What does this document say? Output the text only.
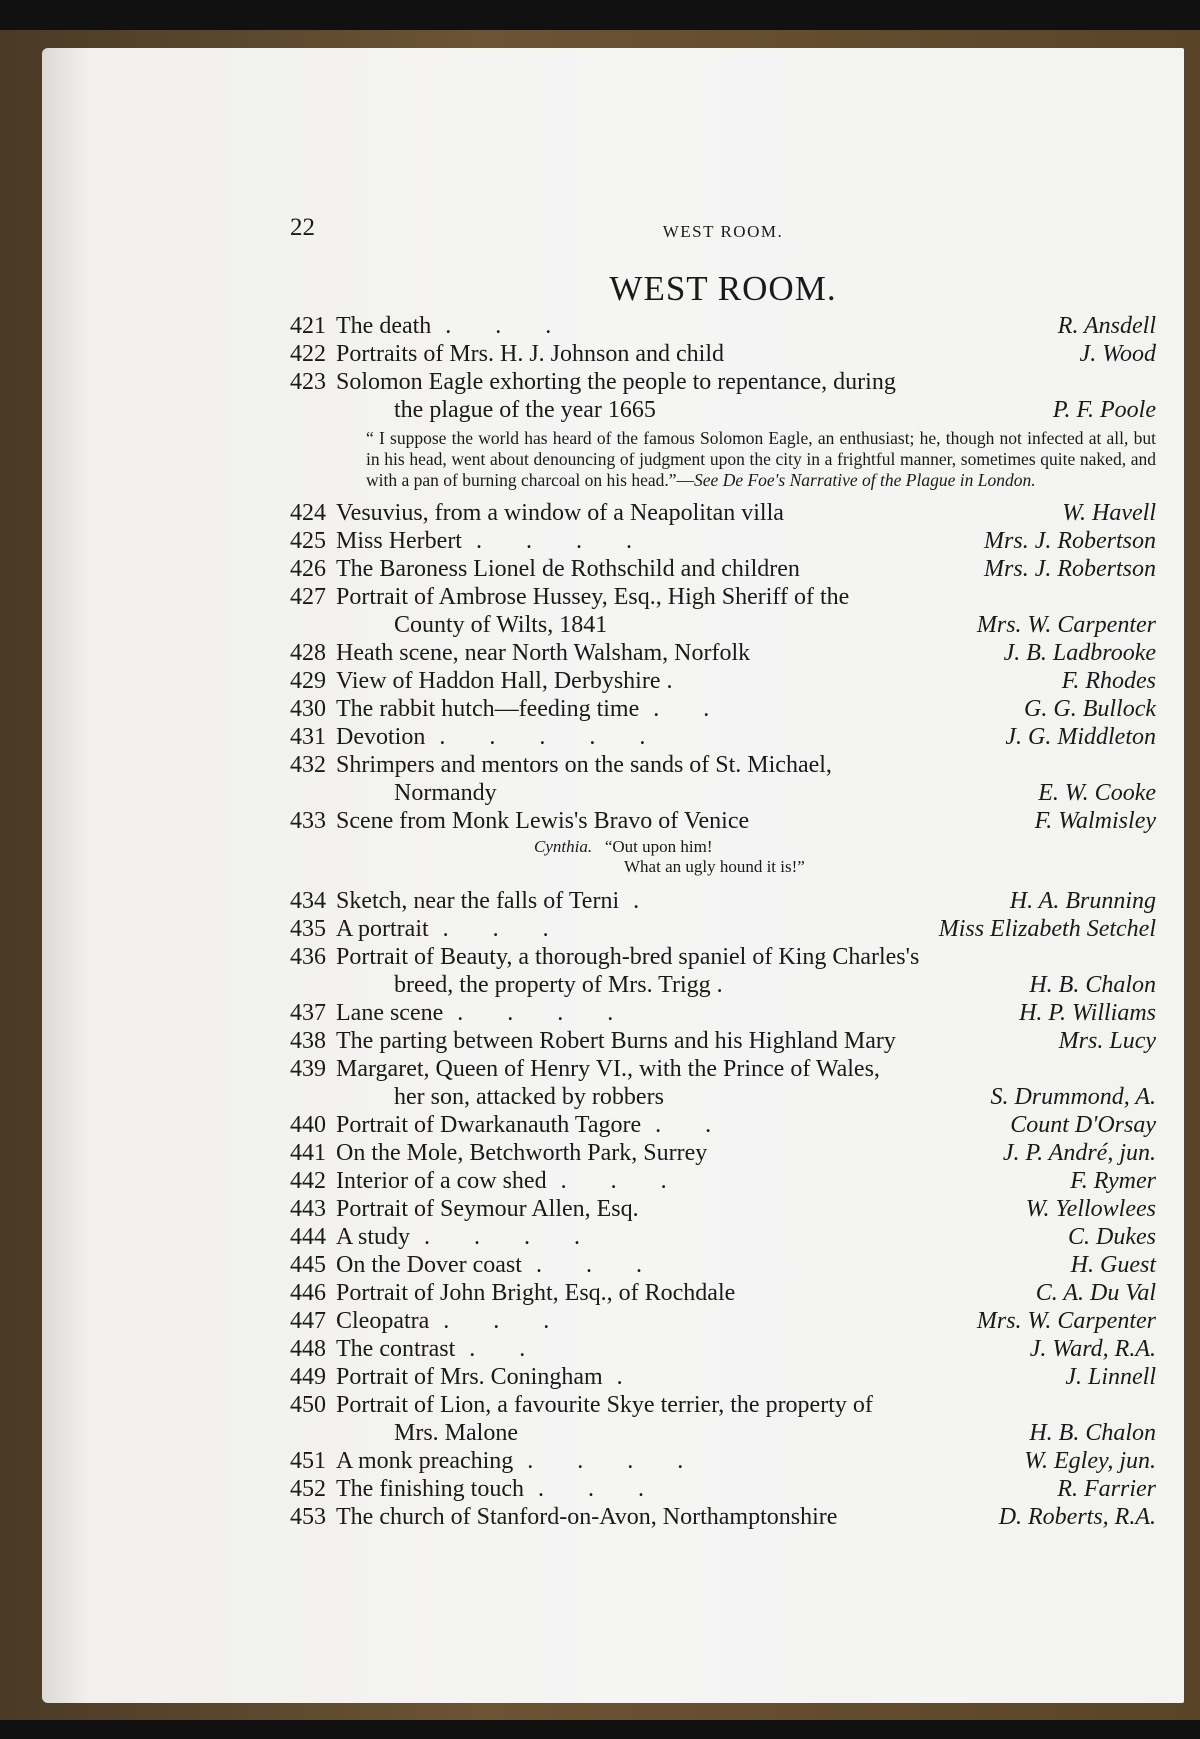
22	WEST ROOM.
WEST ROOM.
421 The death ...	R. Ansdell
422 Portraits of Mrs. H. J. Johnson and child	J. Wood
423 Solomon Eagle exhorting the people to repentance, during
the plague of the year 1665	P. F. Poole
“ I suppose the world has heard of the famous Solomon Eagle, an enthusiast; he, though not infected at all, but in his head, went about denouncing of judgment upon the city in a frightful manner, sometimes quite naked, and with a pan of burning charcoal on his head.”—See De Foe's Narrative of the Plague in London.
424 Vesuvius, from a window of a Neapolitan villa	W. Havell
425 Miss Herbert ....	Mrs. J. Robertson
426 The Baroness Lionel de Rothschild and children	Mrs. J. Robertson
427 Portrait of Ambrose Hussey, Esq., High Sheriff of the
County of Wilts, 1841	Mrs. W. Carpenter
428 Heath scene, near North Walsham, Norfolk	J. B. Ladbrooke
429 View of Haddon Hall, Derbyshire .	F. Rhodes
430 The rabbit hutch—feeding time ..	G. G. Bullock
431 Devotion .....	J. G. Middleton
432 Shrimpers and mentors on the sands of St. Michael,
Normandy	E. W. Cooke
433 Scene from Monk Lewis's Bravo of Venice	F. Walmisley
Cynthia. “Out upon him!
What an ugly hound it is!”
434 Sketch, near the falls of Terni .	H. A. Brunning
435 A portrait ...	Miss Elizabeth Setchel
436 Portrait of Beauty, a thorough-bred spaniel of King Charles's
breed, the property of Mrs. Trigg .	H. B. Chalon
437 Lane scene ....	H. P. Williams
438 The parting between Robert Burns and his Highland Mary	Mrs. Lucy
439 Margaret, Queen of Henry VI., with the Prince of Wales,
her son, attacked by robbers	S. Drummond, A.
440 Portrait of Dwarkanauth Tagore ..	Count D'Orsay
441 On the Mole, Betchworth Park, Surrey	J. P. André, jun.
442 Interior of a cow shed ...	F. Rymer
443 Portrait of Seymour Allen, Esq.	W. Yellowlees
444 A study ....	C. Dukes
445 On the Dover coast ...	H. Guest
446 Portrait of John Bright, Esq., of Rochdale	C. A. Du Val
447 Cleopatra ...	Mrs. W. Carpenter
448 The contrast ..	J. Ward, R.A.
449 Portrait of Mrs. Coningham .	J. Linnell
450 Portrait of Lion, a favourite Skye terrier, the property of
Mrs. Malone	H. B. Chalon
451 A monk preaching ....	W. Egley, jun.
452 The finishing touch ...	R. Farrier
453 The church of Stanford-on-Avon, Northamptonshire	D. Roberts, R.A.
